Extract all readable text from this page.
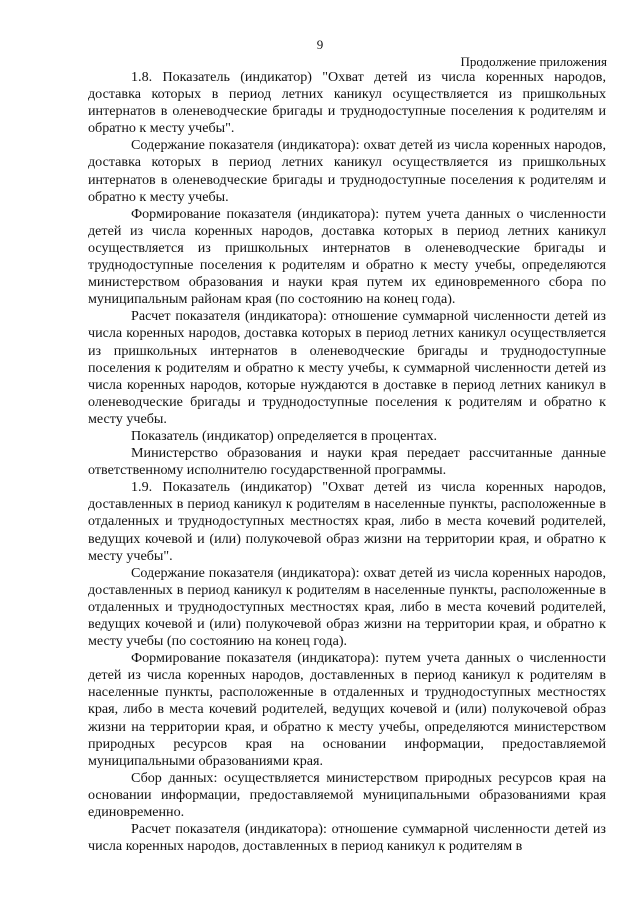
9
Продолжение приложения

1.8. Показатель (индикатор) "Охват детей из числа коренных народов, доставка которых в период летних каникул осуществляется из пришкольных интернатов в оленеводческие бригады и труднодоступные поселения к родителям и обратно к месту учебы".

Содержание показателя (индикатора): охват детей из числа коренных народов, доставка которых в период летних каникул осуществляется из пришкольных интернатов в оленеводческие бригады и труднодоступные поселения к родителям и обратно к месту учебы.

Формирование показателя (индикатора): путем учета данных о численности детей из числа коренных народов, доставка которых в период летних каникул осуществляется из пришкольных интернатов в оленеводческие бригады и труднодоступные поселения к родителям и обратно к месту учебы, определяются министерством образования и науки края путем их единовременного сбора по муниципальным районам края (по состоянию на конец года).

Расчет показателя (индикатора): отношение суммарной численности детей из числа коренных народов, доставка которых в период летних каникул осуществляется из пришкольных интернатов в оленеводческие бригады и труднодоступные поселения к родителям и обратно к месту учебы, к суммарной численности детей из числа коренных народов, которые нуждаются в доставке в период летних каникул в оленеводческие бригады и труднодоступные поселения к родителям и обратно к месту учебы.

Показатель (индикатор) определяется в процентах.

Министерство образования и науки края передает рассчитанные данные ответственному исполнителю государственной программы.

1.9. Показатель (индикатор) "Охват детей из числа коренных народов, доставленных в период каникул к родителям в населенные пункты, расположенные в отдаленных и труднодоступных местностях края, либо в места кочевий родителей, ведущих кочевой и (или) полукочевой образ жизни на территории края, и обратно к месту учебы".

Содержание показателя (индикатора): охват детей из числа коренных народов, доставленных в период каникул к родителям в населенные пункты, расположенные в отдаленных и труднодоступных местностях края, либо в места кочевий родителей, ведущих кочевой и (или) полукочевой образ жизни на территории края, и обратно к месту учебы (по состоянию на конец года).

Формирование показателя (индикатора): путем учета данных о численности детей из числа коренных народов, доставленных в период каникул к родителям в населенные пункты, расположенные в отдаленных и труднодоступных местностях края, либо в места кочевий родителей, ведущих кочевой и (или) полукочевой образ жизни на территории края, и обратно к месту учебы, определяются министерством природных ресурсов края на основании информации, предоставляемой муниципальными образованиями края.

Сбор данных: осуществляется министерством природных ресурсов края на основании информации, предоставляемой муниципальными образованиями края единовременно.

Расчет показателя (индикатора): отношение суммарной численности детей из числа коренных народов, доставленных в период каникул к родителям в
